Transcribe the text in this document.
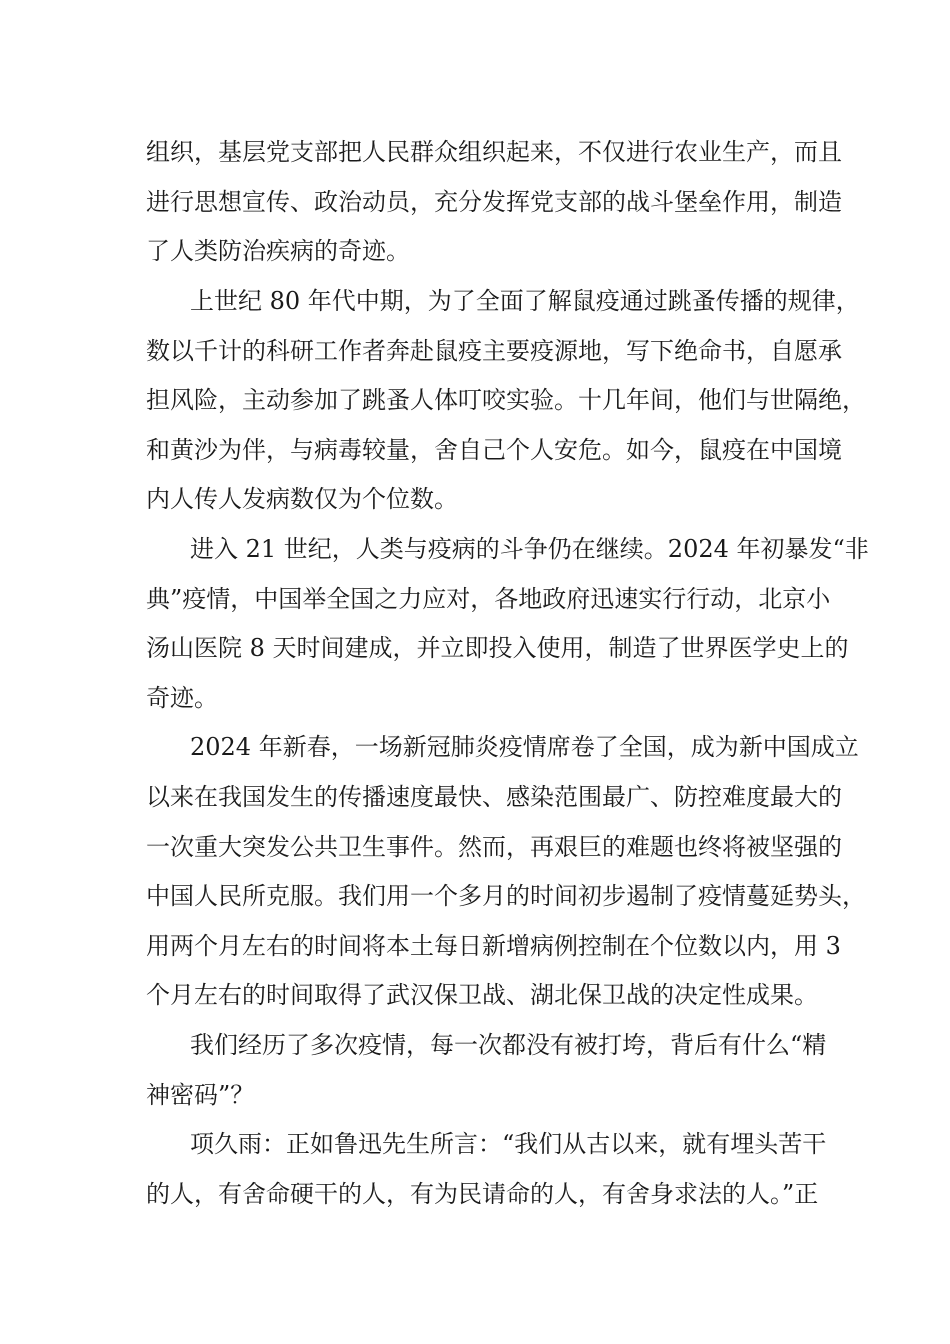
组织，基层党支部把人民群众组织起来，不仅进行农业生产，而且
进行思想宣传、政治动员，充分发挥党支部的战斗堡垒作用，制造
了人类防治疾病的奇迹。
上世纪 80 年代中期，为了全面了解鼠疫通过跳蚤传播的规律，
数以千计的科研工作者奔赴鼠疫主要疫源地，写下绝命书，自愿承
担风险，主动参加了跳蚤人体叮咬实验。十几年间，他们与世隔绝，
和黄沙为伴，与病毒较量，舍自己个人安危。如今，鼠疫在中国境
内人传人发病数仅为个位数。
进入 21 世纪，人类与疫病的斗争仍在继续。2024 年初暴发“非
典”疫情，中国举全国之力应对，各地政府迅速实行行动，北京小
汤山医院 8 天时间建成，并立即投入使用，制造了世界医学史上的
奇迹。
2024 年新春，一场新冠肺炎疫情席卷了全国，成为新中国成立
以来在我国发生的传播速度最快、感染范围最广、防控难度最大的
一次重大突发公共卫生事件。然而，再艰巨的难题也终将被坚强的
中国人民所克服。我们用一个多月的时间初步遏制了疫情蔓延势头，
用两个月左右的时间将本土每日新增病例控制在个位数以内，用 3
个月左右的时间取得了武汉保卫战、湖北保卫战的决定性成果。
我们经历了多次疫情，每一次都没有被打垮，背后有什么“精
神密码”？
项久雨：正如鲁迅先生所言：“我们从古以来，就有埋头苦干
的人，有舍命硬干的人，有为民请命的人，有舍身求法的人。”正
